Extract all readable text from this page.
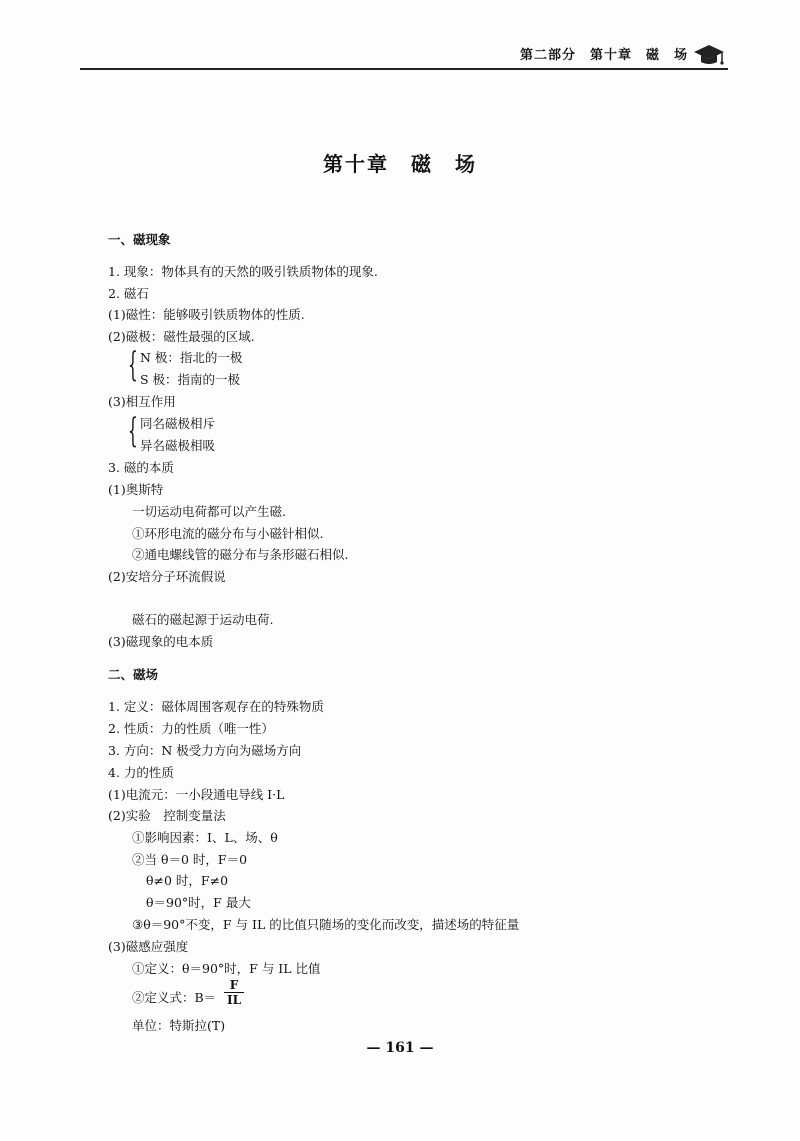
第二部分　第十章　磁　场
第十章　磁　场
一、磁现象
1. 现象：物体具有的天然的吸引铁质物体的现象.
2. 磁石
(1)磁性：能够吸引铁质物体的性质.
(2)磁极：磁性最强的区域.
{ N 极：指北的一极
S 极：指南的一极
(3)相互作用
{ 同名磁极相斥
异名磁极相吸
3. 磁的本质
(1)奥斯特
一切运动电荷都可以产生磁.
①环形电流的磁分布与小磁针相似.
②通电螺线管的磁分布与条形磁石相似.
(2)安培分子环流假说
磁石的磁起源于运动电荷.
(3)磁现象的电本质
二、磁场
1. 定义：磁体周围客观存在的特殊物质
2. 性质：力的性质（唯一性）
3. 方向：N 极受力方向为磁场方向
4. 力的性质
(1)电流元：一小段通电导线 I·L
(2)实验　控制变量法
①影响因素：I、L、场、θ
②当 θ＝0 时，F＝0
θ≠0 时，F≠0
θ＝90°时，F 最大
③θ＝90°不变，F 与 IL 的比值只随场的变化而改变，描述场的特征量
(3)磁感应强度
①定义：θ＝90°时，F 与 IL 比值
②定义式：$B= \frac{F}{IL}$
单位：特斯拉(T)
— 161 —
